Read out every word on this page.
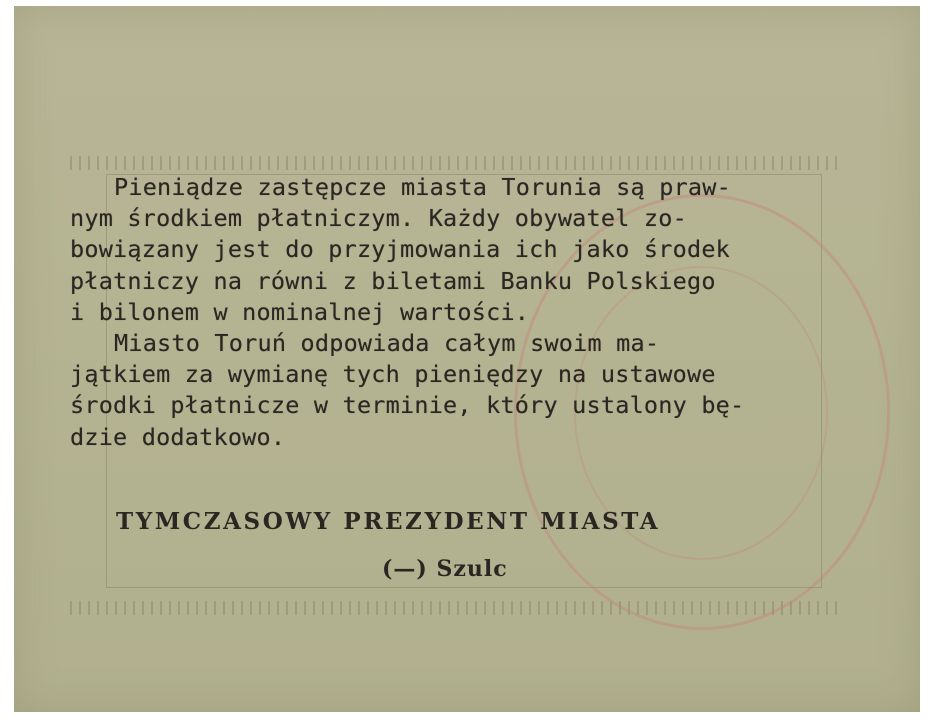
Pieniądze zastępcze miasta Torunia są praw-
nym środkiem płatniczym. Każdy obywatel zo-
bowiązany jest do przyjmowania ich jako środek
płatniczy na równi z biletami Banku Polskiego
i bilonem w nominalnej wartości.
Miasto Toruń odpowiada całym swoim ma-
jątkiem za wymianę tych pieniędzy na ustawowe
środki płatnicze w terminie, który ustalony bę-
dzie dodatkowo.
TYMCZASOWY PREZYDENT MIASTA
(—) Szulc
